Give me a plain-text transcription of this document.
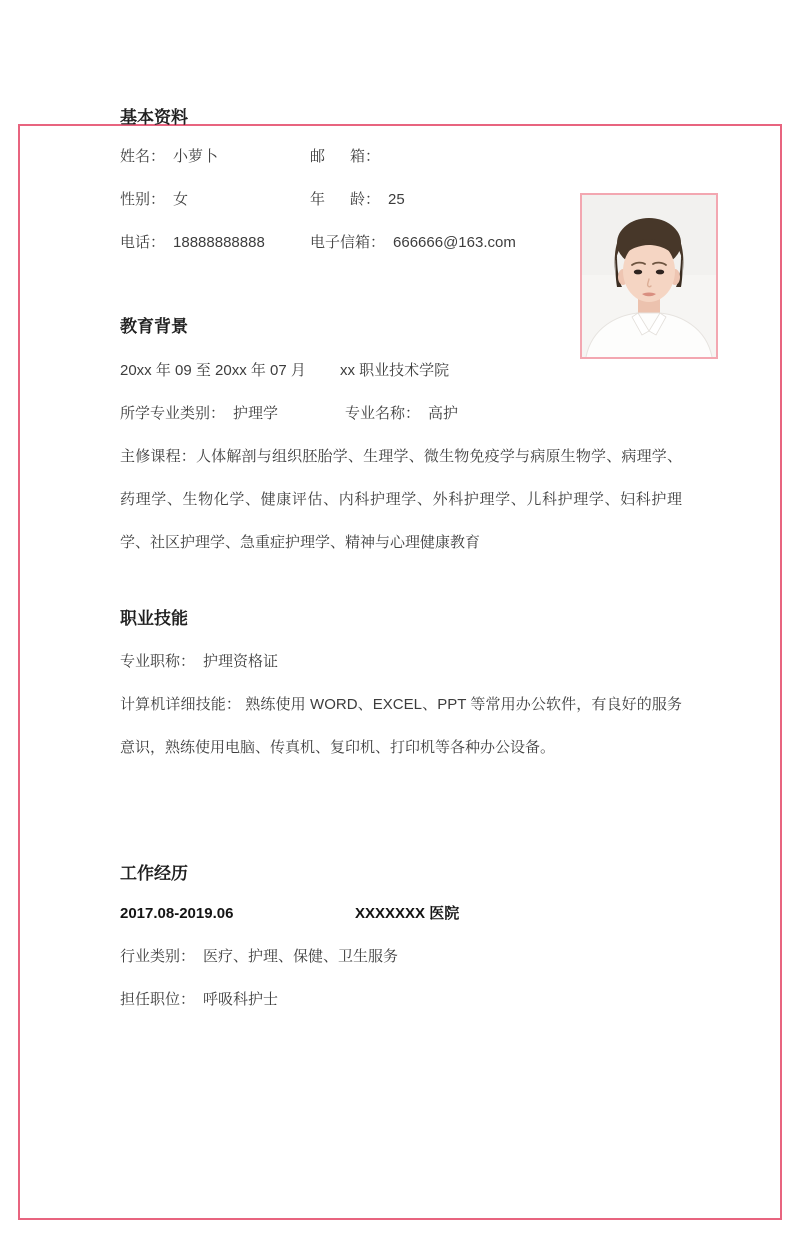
基本资料
姓名： 小萝卜	邮      箱：
性别： 女	年      龄： 25
电话： 18888888888	电子信箱： 666666@163.com
教育背景
20xx 年 09 至 20xx 年 07 月 xx 职业技术学院
所学专业类别： 护理学	专业名称： 高护

主修课程：人体解剖与组织胚胎学、生理学、微生物免疫学与病原生物学、病理学、药理学、生物化学、健康评估、内科护理学、外科护理学、儿科护理学、妇科护理学、社区护理学、急重症护理学、精神与心理健康教育

职业技能
专业职称： 护理资格证

计算机详细技能： 熟练使用 WORD、EXCEL、PPT 等常用办公软件，有良好的服务意识，熟练使用电脑、传真机、复印机、打印机等各种办公设备。

工作经历
2017.08-2019.06	XXXXXXX 医院
行业类别： 医疗、护理、保健、卫生服务
担任职位： 呼吸科护士
